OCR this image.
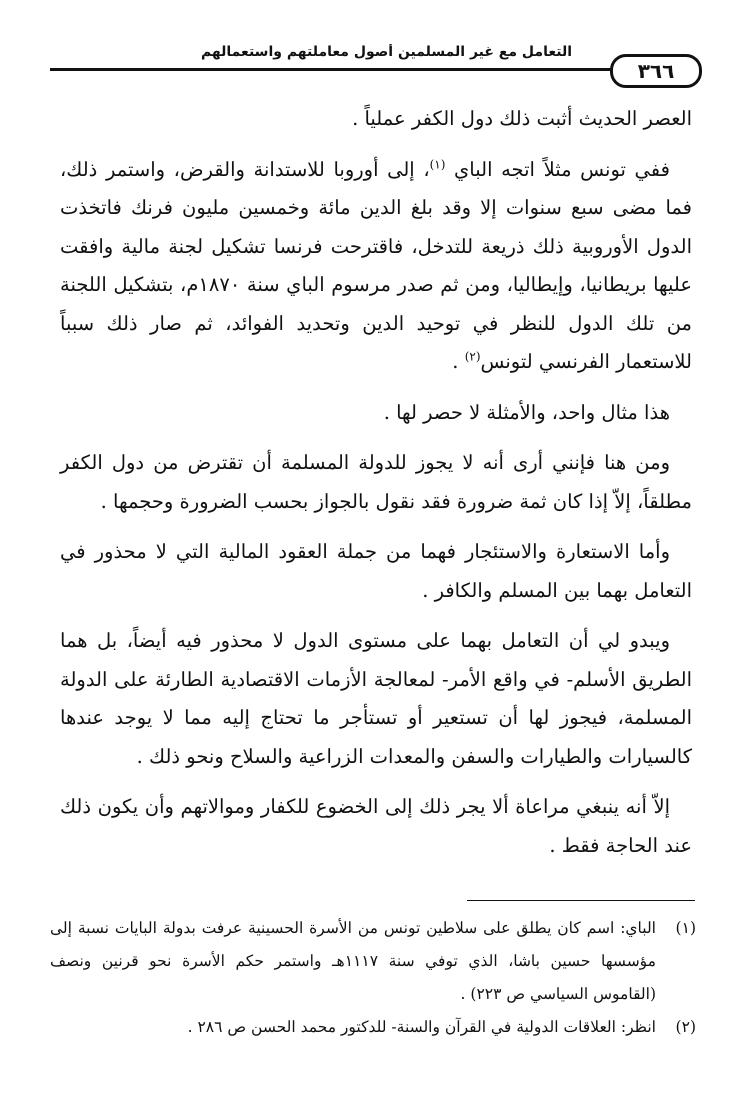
التعامل مع غير المسلمين أصول معاملتهم واستعمالهم
٣٦٦

العصر الحديث أثبت ذلك دول الكفر عملياً .

ففي تونس مثلاً اتجه الباي $^{(١)}$، إلى أوروبا للاستدانة والقرض، واستمر ذلك، فما مضى سبع سنوات إلا وقد بلغ الدين مائة وخمسين مليون فرنك فاتخذت الدول الأوروبية ذلك ذريعة للتدخل، فاقترحت فرنسا تشكيل لجنة مالية وافقت عليها بريطانيا، وإيطاليا، ومن ثم صدر مرسوم الباي سنة ١٨٧٠م، بتشكيل اللجنة من تلك الدول للنظر في توحيد الدين وتحديد الفوائد، ثم صار ذلك سبباً للاستعمار الفرنسي لتونس$^{(٢)}$ .

هذا مثال واحد، والأمثلة لا حصر لها .

ومن هنا فإنني أرى أنه لا يجوز للدولة المسلمة أن تقترض من دول الكفر مطلقاً، إلاّ إذا كان ثمة ضرورة فقد نقول بالجواز بحسب الضرورة وحجمها .

وأما الاستعارة والاستئجار فهما من جملة العقود المالية التي لا محذور في التعامل بهما بين المسلم والكافر .

ويبدو لي أن التعامل بهما على مستوى الدول لا محذور فيه أيضاً، بل هما الطريق الأسلم- في واقع الأمر- لمعالجة الأزمات الاقتصادية الطارئة على الدولة المسلمة، فيجوز لها أن تستعير أو تستأجر ما تحتاج إليه مما لا يوجد عندها كالسيارات والطيارات والسفن والمعدات الزراعية والسلاح ونحو ذلك .

إلاّ أنه ينبغي مراعاة ألا يجر ذلك إلى الخضوع للكفار وموالاتهم وأن يكون ذلك عند الحاجة فقط .

(١)
الباي: اسم كان يطلق على سلاطين تونس من الأسرة الحسينية عرفت بدولة البايات نسبة إلى مؤسسها حسين باشا، الذي توفي سنة ١١١٧هـ واستمر حكم الأسرة نحو قرنين ونصف (القاموس السياسي ص ٢٢٣) .
(٢)
انظر: العلاقات الدولية في القرآن والسنة- للدكتور محمد الحسن ص ٢٨٦ .
